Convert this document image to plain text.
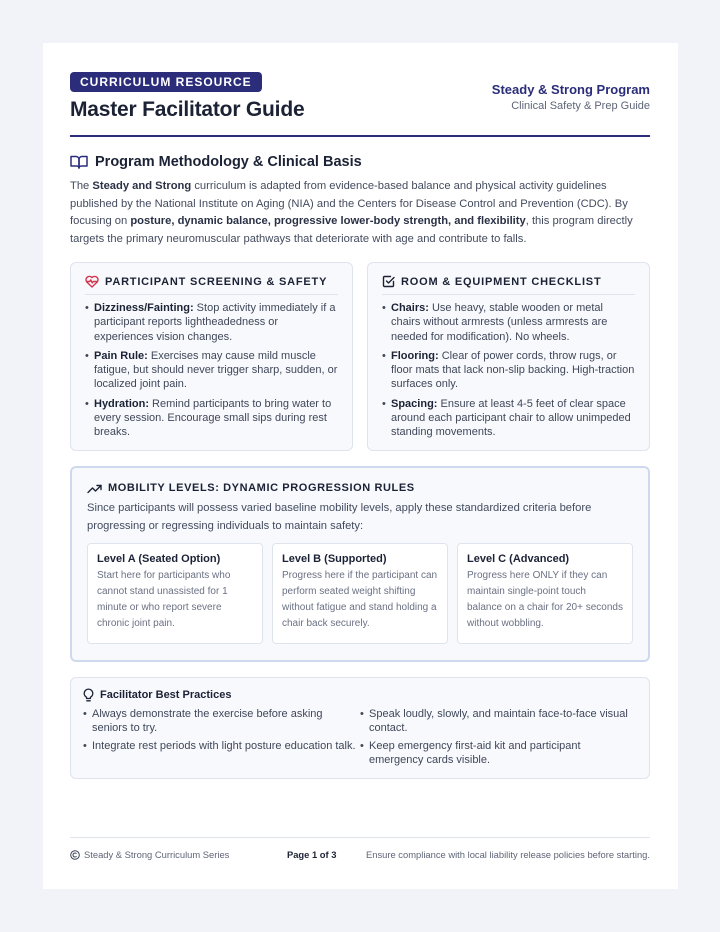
CURRICULUM RESOURCE
Master Facilitator Guide
Steady & Strong Program
Clinical Safety & Prep Guide
Program Methodology & Clinical Basis

The Steady and Strong curriculum is adapted from evidence-based balance and physical activity guidelines published by the National Institute on Aging (NIA) and the Centers for Disease Control and Prevention (CDC). By focusing on posture, dynamic balance, progressive lower-body strength, and flexibility, this program directly targets the primary neuromuscular pathways that deteriorate with age and contribute to falls.

PARTICIPANT SCREENING & SAFETY
• Dizziness/Fainting: Stop activity immediately if a participant reports lightheadedness or experiences vision changes.
• Pain Rule: Exercises may cause mild muscle fatigue, but should never trigger sharp, sudden, or localized joint pain.
• Hydration: Remind participants to bring water to every session. Encourage small sips during rest breaks.
ROOM & EQUIPMENT CHECKLIST
• Chairs: Use heavy, stable wooden or metal chairs without armrests (unless armrests are needed for modification). No wheels.
• Flooring: Clear of power cords, throw rugs, or floor mats that lack non-slip backing. High-traction surfaces only.
• Spacing: Ensure at least 4-5 feet of clear space around each participant chair to allow unimpeded standing movements.
MOBILITY LEVELS: DYNAMIC PROGRESSION RULES

Since participants will possess varied baseline mobility levels, apply these standardized criteria before progressing or regressing individuals to maintain safety:

Level A (Seated Option)
Start here for participants who cannot stand unassisted for 1 minute or who report severe chronic joint pain.
Level B (Supported)
Progress here if the participant can perform seated weight shifting without fatigue and stand holding a chair back securely.
Level C (Advanced)
Progress here ONLY if they can maintain single-point touch balance on a chair for 20+ seconds without wobbling.
Facilitator Best Practices
• Always demonstrate the exercise before asking seniors to try.
• Integrate rest periods with light posture education talk.
• Speak loudly, slowly, and maintain face-to-face visual contact.
• Keep emergency first-aid kit and participant emergency cards visible.
Steady & Strong Curriculum Series	Page 1 of 3	Ensure compliance with local liability release policies before starting.
